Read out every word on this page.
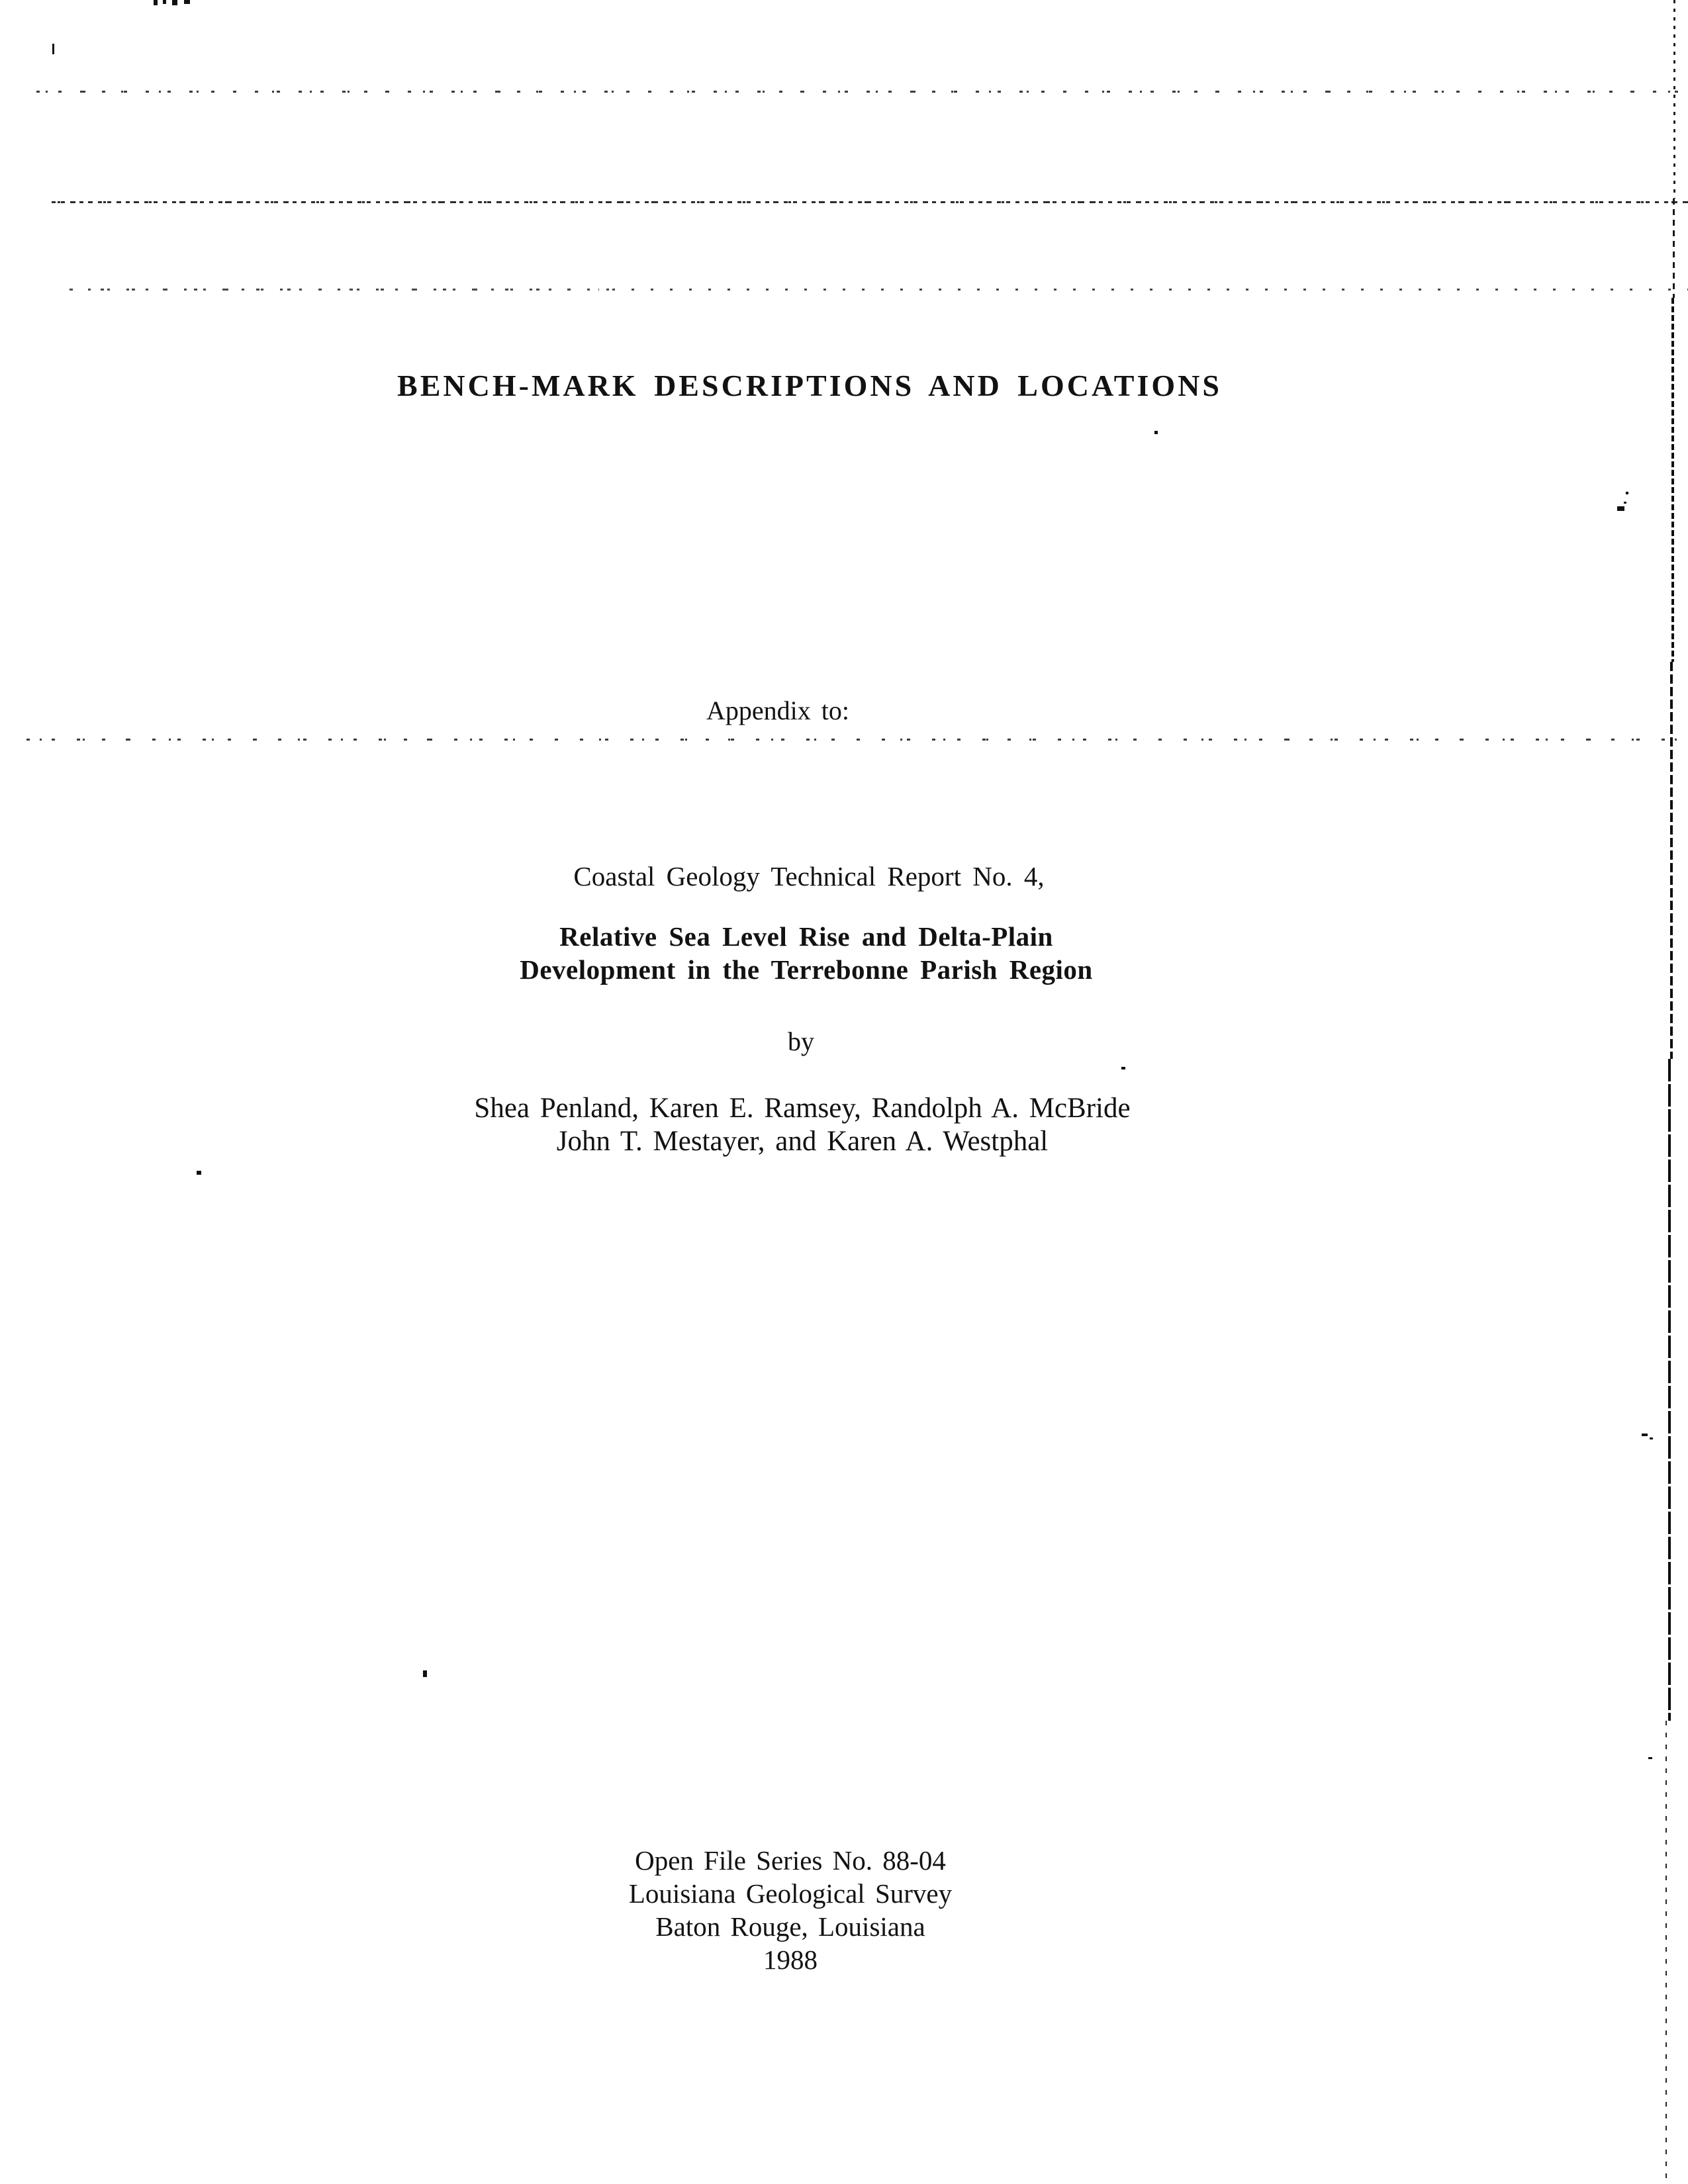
BENCH-MARK DESCRIPTIONS AND LOCATIONS
Appendix to:
Coastal Geology Technical Report No. 4,
Relative Sea Level Rise and Delta-Plain
Development in the Terrebonne Parish Region
by
Shea Penland, Karen E. Ramsey, Randolph A. McBride
John T. Mestayer, and Karen A. Westphal
Open File Series No. 88-04
Louisiana Geological Survey
Baton Rouge, Louisiana
1988
